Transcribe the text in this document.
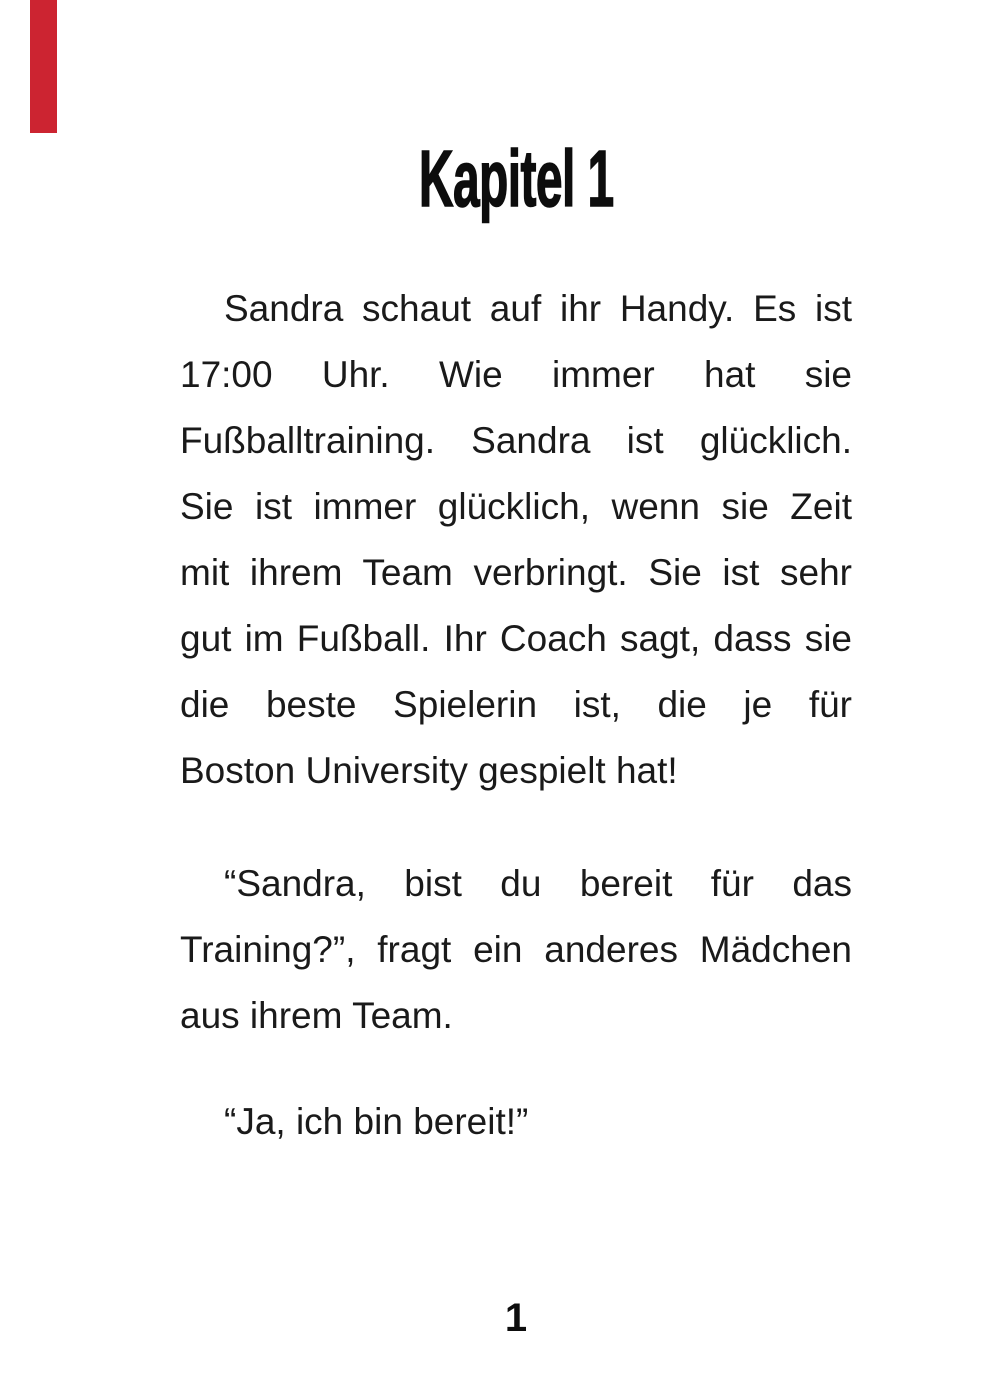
Kapitel 1
Sandra schaut auf ihr Handy. Es ist
17:00 Uhr. Wie immer hat sie
Fußballtraining. Sandra ist glücklich.
Sie ist immer glücklich, wenn sie Zeit
mit ihrem Team verbringt. Sie ist sehr
gut im Fußball. Ihr Coach sagt, dass sie
die beste Spielerin ist, die je für
Boston University gespielt hat!
“Sandra, bist du bereit für das
Training?”, fragt ein anderes Mädchen
aus ihrem Team.
“Ja, ich bin bereit!”
1
